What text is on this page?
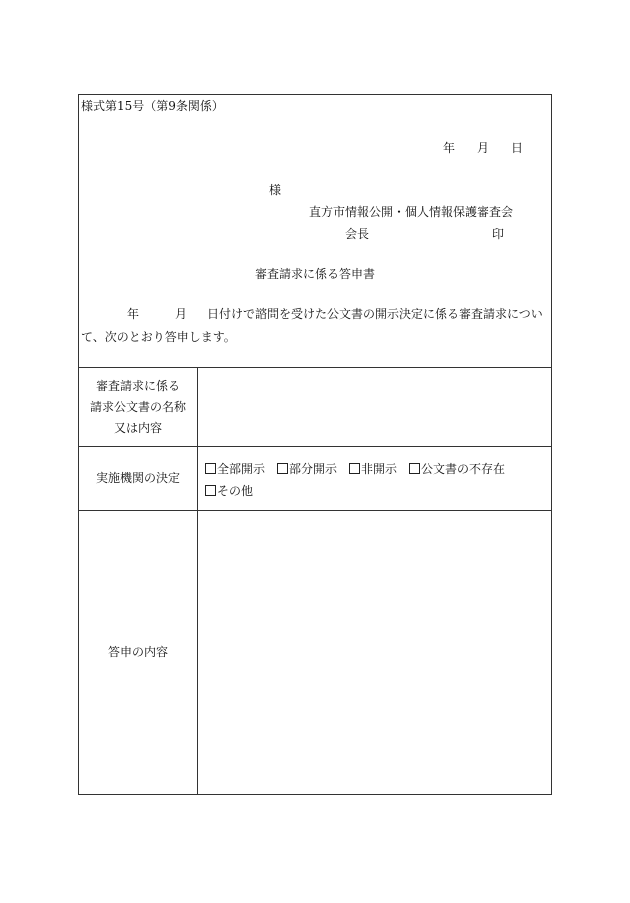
様式第15号（第9条関係）
年 月 日
様
直方市情報公開・個人情報保護審査会
会長	印
審査請求に係る答申書
年	月 日付けで諮問を受けた公文書の開示決定に係る審査請求について、次のとおり答申します。
審査請求に係る
請求公文書の名称
又は内容
実施機関の決定
全部開示 部分開示 非開示 公文書の不存在
その他
答申の内容
